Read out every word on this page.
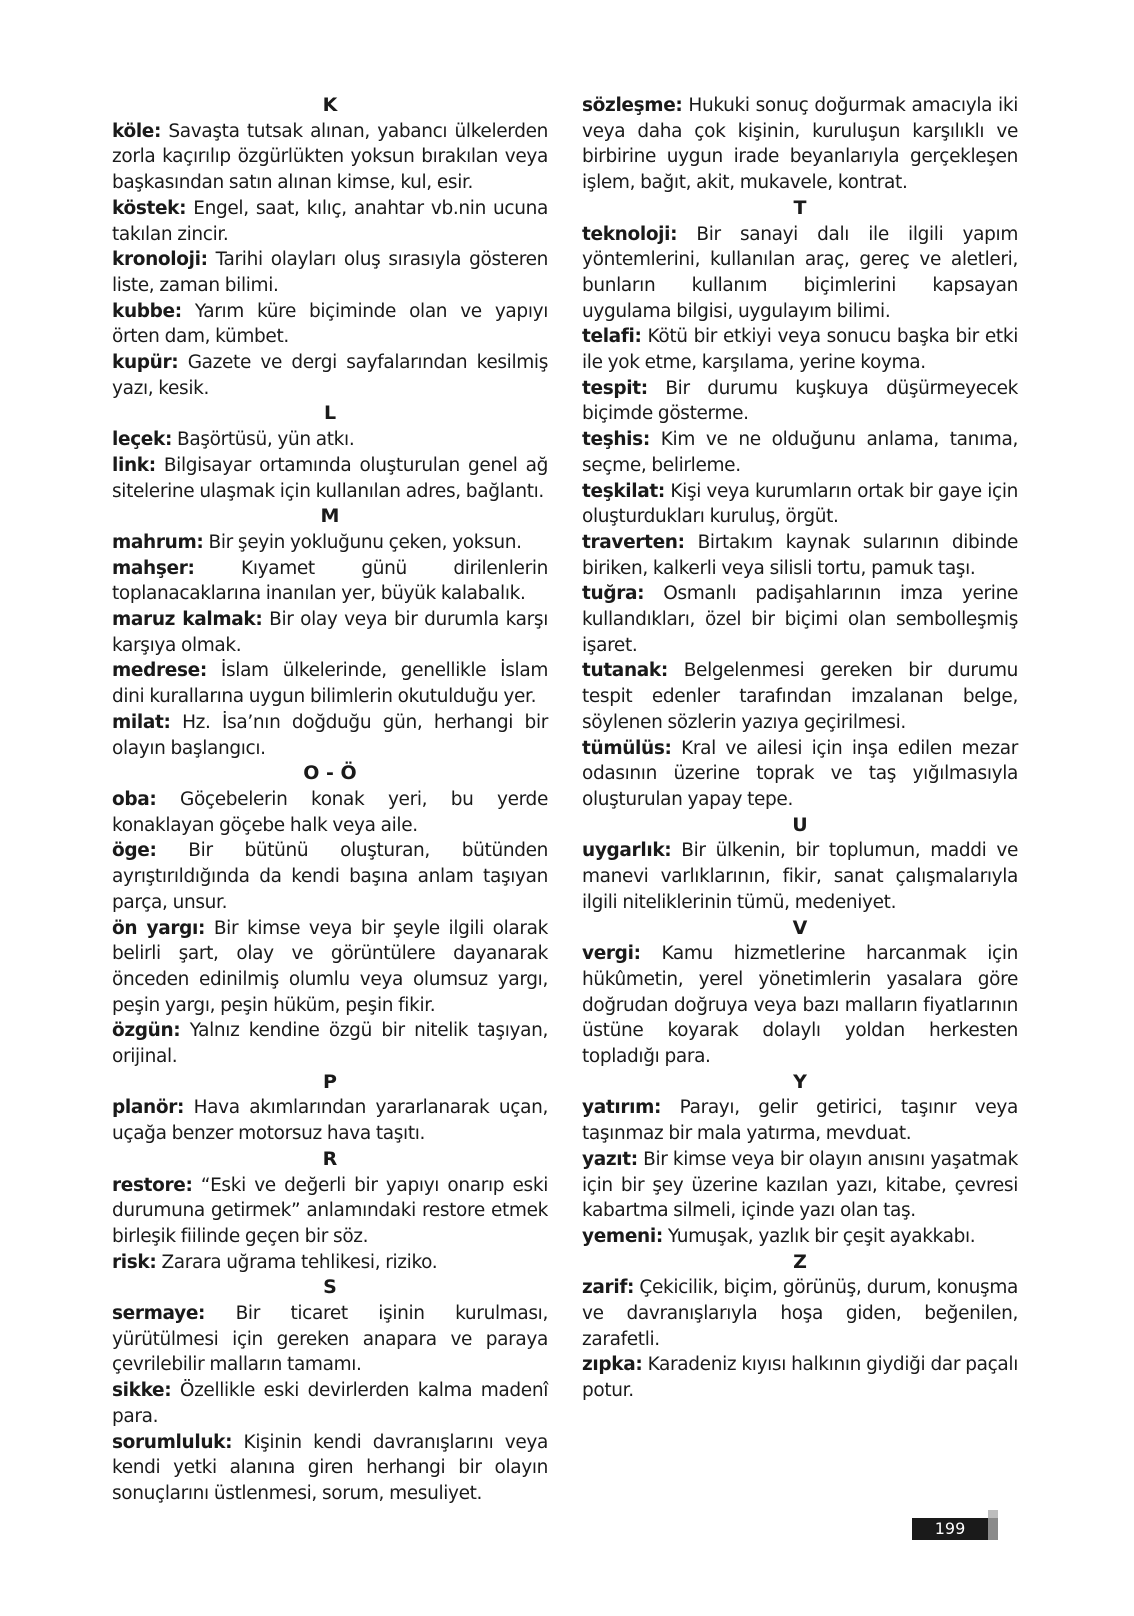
K

köle: Savaşta tutsak alınan, yabancı ülkelerden zorla kaçırılıp özgürlükten yoksun bırakılan veya başkasından satın alınan kimse, kul, esir.

köstek: Engel, saat, kılıç, anahtar vb.nin ucuna takılan zincir.

kronoloji: Tarihi olayları oluş sırasıyla gösteren liste, zaman bilimi.

kubbe: Yarım küre biçiminde olan ve yapıyı örten dam, kümbet.

kupür: Gazete ve dergi sayfalarından kesilmiş yazı, kesik.

L

leçek: Başörtüsü, yün atkı.

link: Bilgisayar ortamında oluşturulan genel ağ sitelerine ulaşmak için kullanılan adres, bağlantı.

M

mahrum: Bir şeyin yokluğunu çeken, yoksun.

mahşer: Kıyamet günü dirilenlerin toplanacaklarına inanılan yer, büyük kalabalık.

maruz kalmak: Bir olay veya bir durumla karşı karşıya olmak.

medrese: İslam ülkelerinde, genellikle İslam dini kurallarına uygun bilimlerin okutulduğu yer.

milat: Hz. İsa’nın doğduğu gün, herhangi bir olayın başlangıcı.

O - Ö

oba: Göçebelerin konak yeri, bu yerde konaklayan göçebe halk veya aile.

öge: Bir bütünü oluşturan, bütünden ayrıştırıldığında da kendi başına anlam taşıyan parça, unsur.

ön yargı: Bir kimse veya bir şeyle ilgili olarak belirli şart, olay ve görüntülere dayanarak önceden edinilmiş olumlu veya olumsuz yargı, peşin yargı, peşin hüküm, peşin fikir.

özgün: Yalnız kendine özgü bir nitelik taşıyan, orijinal.

P

planör: Hava akımlarından yararlanarak uçan, uçağa benzer motorsuz hava taşıtı.

R

restore: “Eski ve değerli bir yapıyı onarıp eski durumuna getirmek” anlamındaki restore etmek birleşik fiilinde geçen bir söz.

risk: Zarara uğrama tehlikesi, riziko.

S

sermaye: Bir ticaret işinin kurulması, yürütülmesi için gereken anapara ve paraya çevrilebilir malların tamamı.

sikke: Özellikle eski devirlerden kalma madenî para.

sorumluluk: Kişinin kendi davranışlarını veya kendi yetki alanına giren herhangi bir olayın sonuçlarını üstlenmesi, sorum, mesuliyet.

sözleşme: Hukuki sonuç doğurmak amacıyla iki veya daha çok kişinin, kuruluşun karşılıklı ve birbirine uygun irade beyanlarıyla gerçekleşen işlem, bağıt, akit, mukavele, kontrat.

T

teknoloji: Bir sanayi dalı ile ilgili yapım yöntemlerini, kullanılan araç, gereç ve aletleri, bunların kullanım biçimlerini kapsayan uygulama bilgisi, uygulayım bilimi.

telafi: Kötü bir etkiyi veya sonucu başka bir etki ile yok etme, karşılama, yerine koyma.

tespit: Bir durumu kuşkuya düşürmeyecek biçimde gösterme.

teşhis: Kim ve ne olduğunu anlama, tanıma, seçme, belirleme.

teşkilat: Kişi veya kurumların ortak bir gaye için oluşturdukları kuruluş, örgüt.

traverten: Birtakım kaynak sularının dibinde biriken, kalkerli veya silisli tortu, pamuk taşı.

tuğra: Osmanlı padişahlarının imza yerine kullandıkları, özel bir biçimi olan sembolleşmiş işaret.

tutanak: Belgelenmesi gereken bir durumu tespit edenler tarafından imzalanan belge, söylenen sözlerin yazıya geçirilmesi.

tümülüs: Kral ve ailesi için inşa edilen mezar odasının üzerine toprak ve taş yığılmasıyla oluşturulan yapay tepe.

U

uygarlık: Bir ülkenin, bir toplumun, maddi ve manevi varlıklarının, fikir, sanat çalışmalarıyla ilgili niteliklerinin tümü, medeniyet.

V

vergi: Kamu hizmetlerine harcanmak için hükûmetin, yerel yönetimlerin yasalara göre doğrudan doğruya veya bazı malların fiyatlarının üstüne koyarak dolaylı yoldan herkesten topladığı para.

Y

yatırım: Parayı, gelir getirici, taşınır veya taşınmaz bir mala yatırma, mevduat.

yazıt: Bir kimse veya bir olayın anısını yaşatmak için bir şey üzerine kazılan yazı, kitabe, çevresi kabartma silmeli, içinde yazı olan taş.

yemeni: Yumuşak, yazlık bir çeşit ayakkabı.

Z

zarif: Çekicilik, biçim, görünüş, durum, konuşma ve davranışlarıyla hoşa giden, beğenilen, zarafetli.

zıpka: Karadeniz kıyısı halkının giydiği dar paçalı potur.

199
